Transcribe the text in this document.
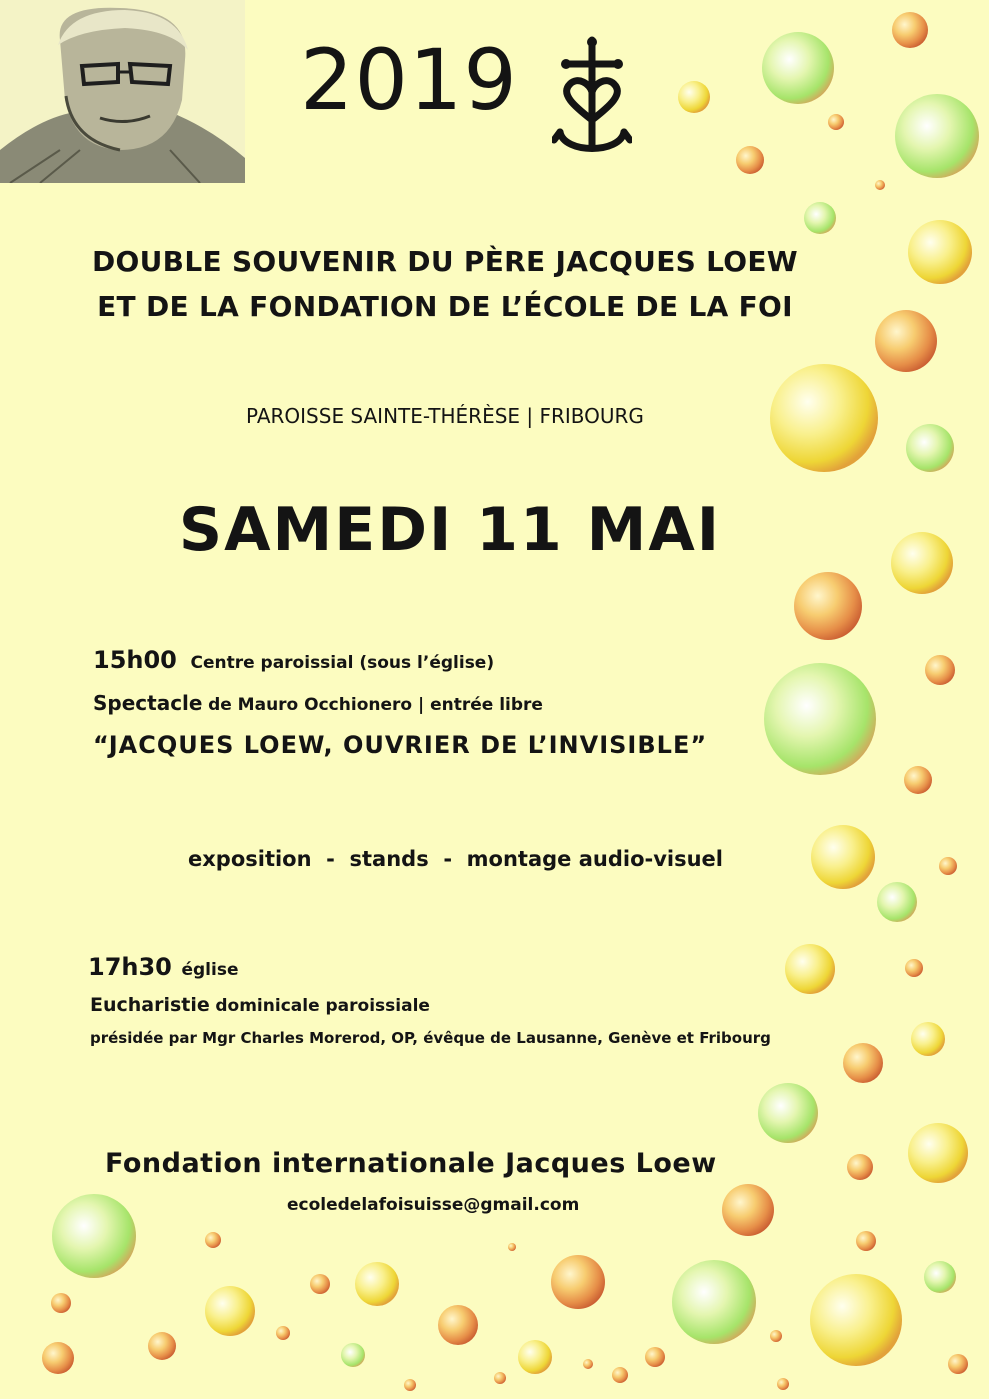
2019
DOUBLE SOUVENIR DU PÈRE JACQUES LOEW
ET DE LA FONDATION DE L’ÉCOLE DE LA FOI
PAROISSE SAINTE-THÉRÈSE | FRIBOURG
SAMEDI 11 MAI
15h00 Centre paroissial (sous l’église)
Spectacle de Mauro Occhionero | entrée libre
“JACQUES LOEW, OUVRIER DE L’INVISIBLE”
exposition  -  stands  -  montage audio-visuel
17h30 église
Eucharistie dominicale paroissiale
présidée par Mgr Charles Morerod, OP, évêque de Lausanne, Genève et Fribourg
Fondation internationale Jacques Loew
ecoledelafoisuisse@gmail.com
